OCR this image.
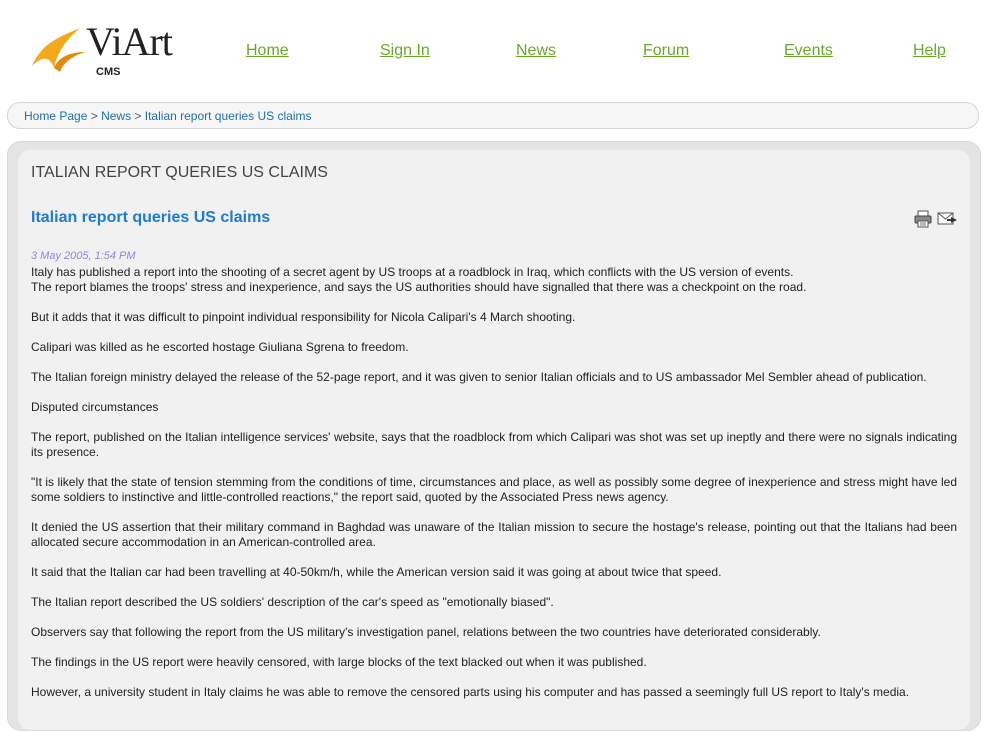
ViArt
CMS
Home	Sign In	News	Forum	Events	Help
Home Page > News > Italian report queries US claims
ITALIAN REPORT QUERIES US CLAIMS
Italian report queries US claims
3 May 2005, 1:54 PM

Italy has published a report into the shooting of a secret agent by US troops at a roadblock in Iraq, which conflicts with the US version of events.

The report blames the troops' stress and inexperience, and says the US authorities should have signalled that there was a checkpoint on the road.

But it adds that it was difficult to pinpoint individual responsibility for Nicola Calipari's 4 March shooting.

Calipari was killed as he escorted hostage Giuliana Sgrena to freedom.

The Italian foreign ministry delayed the release of the 52-page report, and it was given to senior Italian officials and to US ambassador Mel Sembler ahead of publication.

Disputed circumstances

The report, published on the Italian intelligence services' website, says that the roadblock from which Calipari was shot was set up ineptly and there were no signals indicating its presence.

"It is likely that the state of tension stemming from the conditions of time, circumstances and place, as well as possibly some degree of inexperience and stress might have led some soldiers to instinctive and little-controlled reactions," the report said, quoted by the Associated Press news agency.

It denied the US assertion that their military command in Baghdad was unaware of the Italian mission to secure the hostage's release, pointing out that the Italians had been allocated secure accommodation in an American-controlled area.

It said that the Italian car had been travelling at 40-50km/h, while the American version said it was going at about twice that speed.

The Italian report described the US soldiers' description of the car's speed as "emotionally biased".

Observers say that following the report from the US military's investigation panel, relations between the two countries have deteriorated considerably.

The findings in the US report were heavily censored, with large blocks of the text blacked out when it was published.

However, a university student in Italy claims he was able to remove the censored parts using his computer and has passed a seemingly full US report to Italy's media.
